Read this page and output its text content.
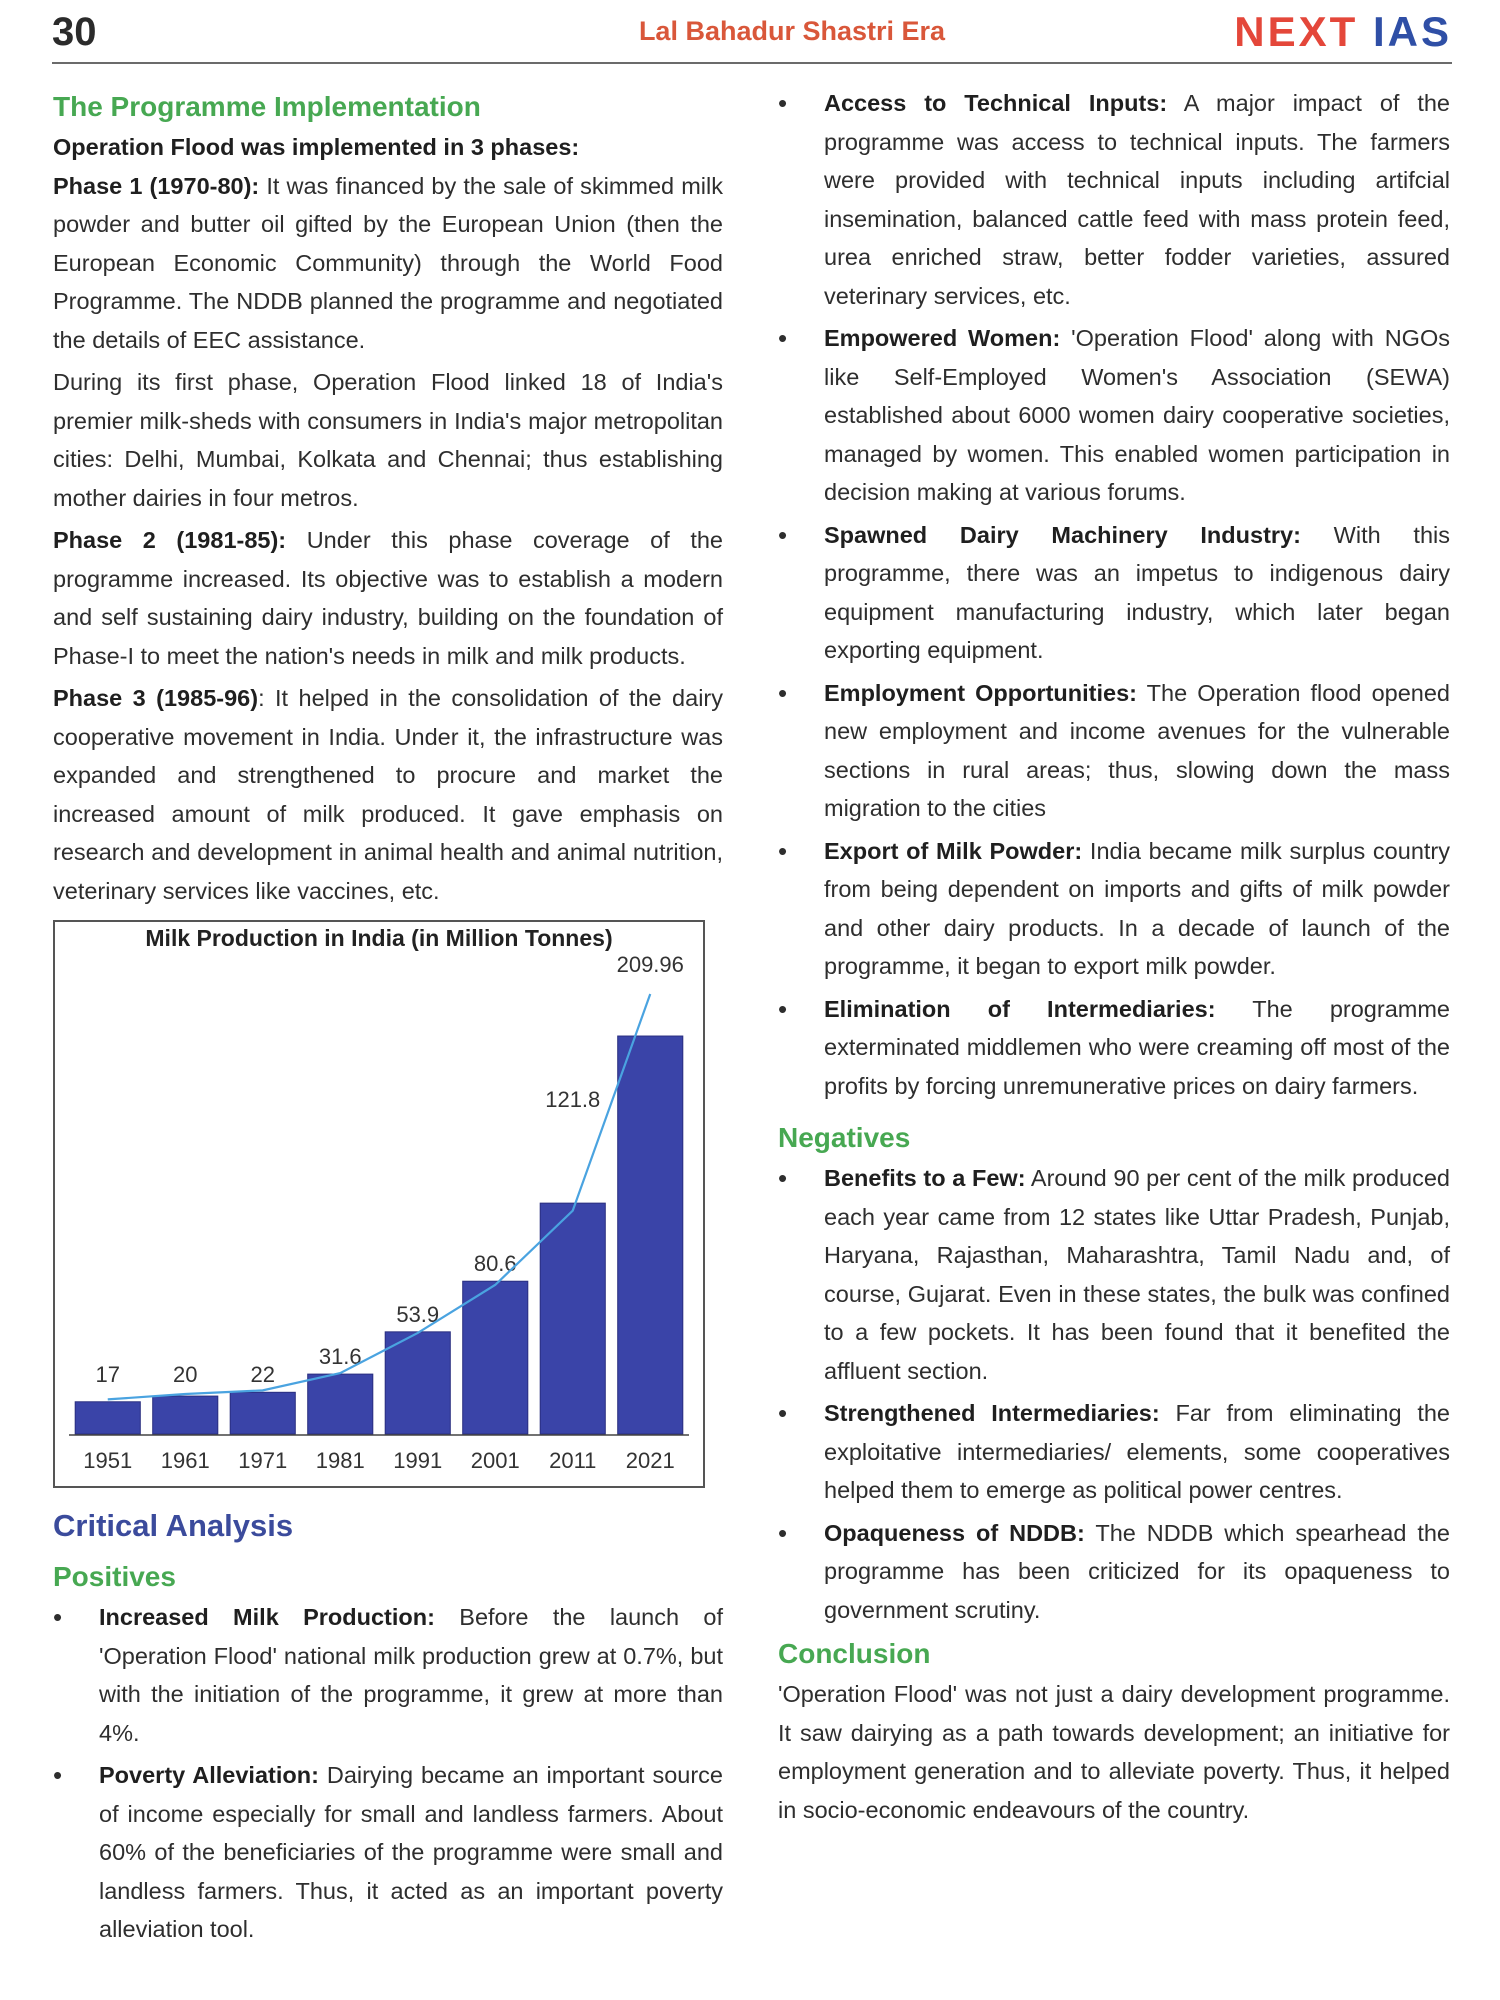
30	Lal Bahadur Shastri Era	NEXT IAS
The Programme Implementation
Operation Flood was implemented in 3 phases:

Phase 1 (1970-80): It was financed by the sale of skimmed milk powder and butter oil gifted by the European Union (then the European Economic Community) through the World Food Programme. The NDDB planned the programme and negotiated the details of EEC assistance.

During its first phase, Operation Flood linked 18 of India's premier milk-sheds with consumers in India's major metropolitan cities: Delhi, Mumbai, Kolkata and Chennai; thus establishing mother dairies in four metros.

Phase 2 (1981-85): Under this phase coverage of the programme increased. Its objective was to establish a modern and self sustaining dairy industry, building on the foundation of Phase-I to meet the nation's needs in milk and milk products.

Phase 3 (1985-96): It helped in the consolidation of the dairy cooperative movement in India. Under it, the infrastructure was expanded and strengthened to procure and market the increased amount of milk produced. It gave emphasis on research and development in animal health and animal nutrition, veterinary services like vaccines, etc.

Milk Production in India (in Million Tonnes)
17
1951
20
1961
22
1971
31.6
1981
53.9
1991
80.6
2001
121.8
2011
209.96
2021
Critical Analysis
Positives
• Increased Milk Production: Before the launch of 'Operation Flood' national milk production grew at 0.7%, but with the initiation of the programme, it grew at more than 4%.
• Poverty Alleviation: Dairying became an important source of income especially for small and landless farmers. About 60% of the beneficiaries of the programme were small and landless farmers. Thus, it acted as an important poverty alleviation tool.
• Access to Technical Inputs: A major impact of the programme was access to technical inputs. The farmers were provided with technical inputs including artifcial insemination, balanced cattle feed with mass protein feed, urea enriched straw, better fodder varieties, assured veterinary services, etc.
• Empowered Women: 'Operation Flood' along with NGOs like Self-Employed Women's Association (SEWA) established about 6000 women dairy cooperative societies, managed by women. This enabled women participation in decision making at various forums.
• Spawned Dairy Machinery Industry: With this programme, there was an impetus to indigenous dairy equipment manufacturing industry, which later began exporting equipment.
• Employment Opportunities: The Operation flood opened new employment and income avenues for the vulnerable sections in rural areas; thus, slowing down the mass migration to the cities
• Export of Milk Powder: India became milk surplus country from being dependent on imports and gifts of milk powder and other dairy products. In a decade of launch of the programme, it began to export milk powder.
• Elimination of Intermediaries: The programme exterminated middlemen who were creaming off most of the profits by forcing unremunerative prices on dairy farmers.
Negatives
• Benefits to a Few: Around 90 per cent of the milk produced each year came from 12 states like Uttar Pradesh, Punjab, Haryana, Rajasthan, Maharashtra, Tamil Nadu and, of course, Gujarat. Even in these states, the bulk was confined to a few pockets. It has been found that it benefited the affluent section.
• Strengthened Intermediaries: Far from eliminating the exploitative intermediaries/ elements, some cooperatives helped them to emerge as political power centres.
• Opaqueness of NDDB: The NDDB which spearhead the programme has been criticized for its opaqueness to government scrutiny.
Conclusion

'Operation Flood' was not just a dairy development programme. It saw dairying as a path towards development; an initiative for employment generation and to alleviate poverty. Thus, it helped in socio-economic endeavours of the country.
